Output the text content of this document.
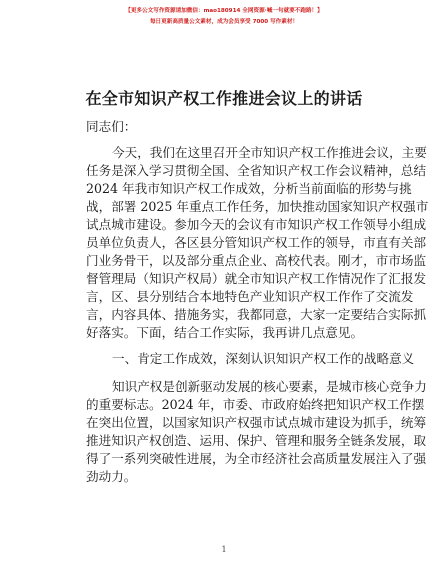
【更多公文写作资源请加微信：mao180914 全网资源·喊一句就要不跑路！】
每日更新高质量公文素材，成为会员享受 7000 写作素材！
在全市知识产权工作推进会议上的讲话
同志们：
今天，我们在这里召开全市知识产权工作推进会议，主要
任务是深入学习贯彻全国、全省知识产权工作会议精神，总结
2024 年我市知识产权工作成效，分析当前面临的形势与挑
战，部署 2025 年重点工作任务，加快推动国家知识产权强市
试点城市建设。参加今天的会议有市知识产权工作领导小组成
员单位负责人，各区县分管知识产权工作的领导，市直有关部
门业务骨干，以及部分重点企业、高校代表。刚才，市市场监
督管理局（知识产权局）就全市知识产权工作情况作了汇报发
言，区、县分别结合本地特色产业知识产权工作作了交流发
言，内容具体、措施务实，我都同意，大家一定要结合实际抓
好落实。下面，结合工作实际，我再讲几点意见。
一、肯定工作成效，深刻认识知识产权工作的战略意义
知识产权是创新驱动发展的核心要素，是城市核心竞争力
的重要标志。2024 年，市委、市政府始终把知识产权工作摆
在突出位置，以国家知识产权强市试点城市建设为抓手，统筹
推进知识产权创造、运用、保护、管理和服务全链条发展，取
得了一系列突破性进展，为全市经济社会高质量发展注入了强
劲动力。
1
